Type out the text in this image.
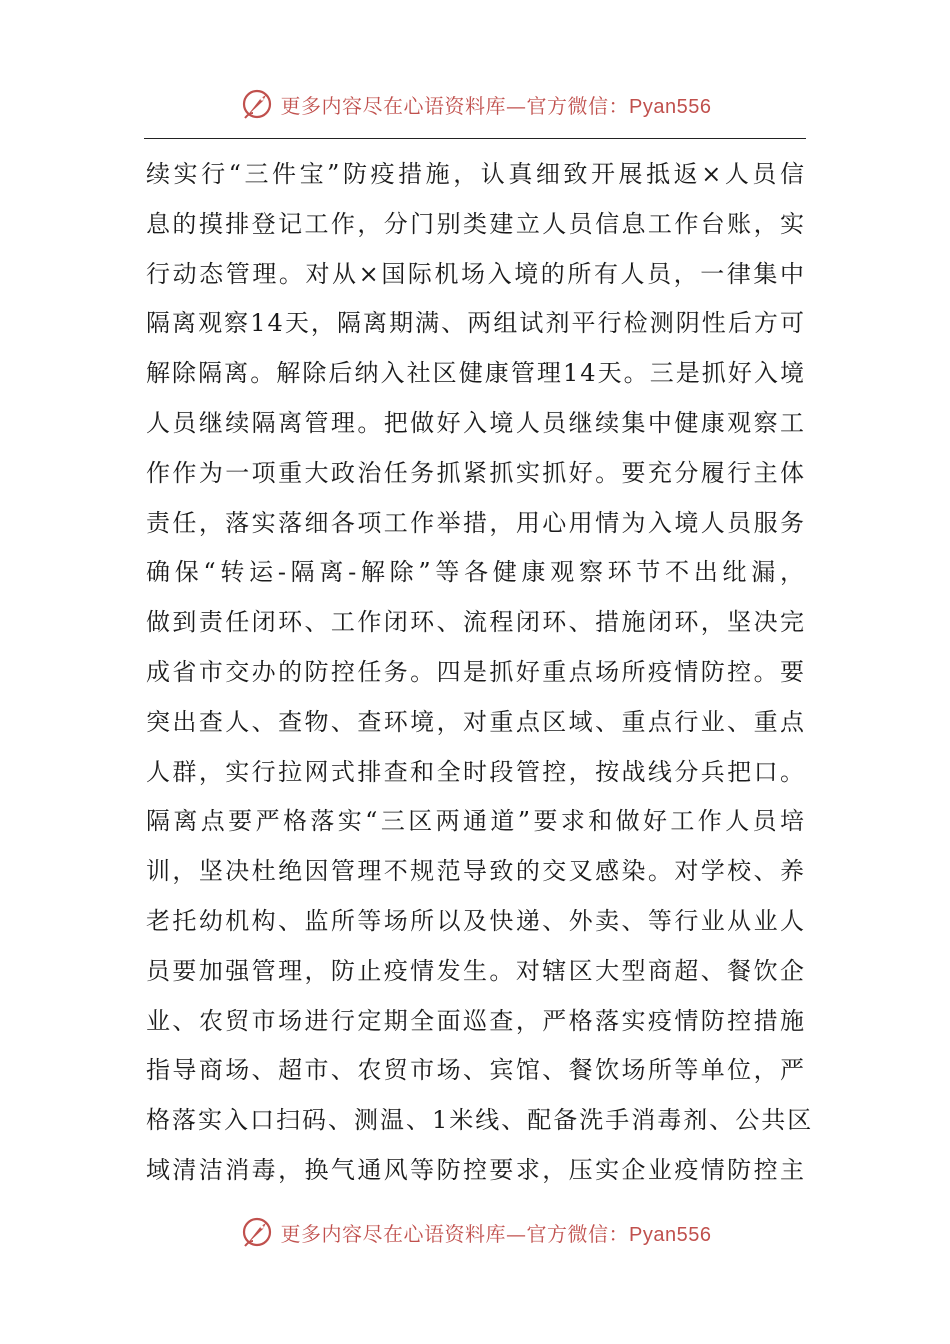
更多内容尽在心语资料库—官方微信：Pyan556
续实行“三件宝”防疫措施，认真细致开展抵返×人员信
息的摸排登记工作，分门别类建立人员信息工作台账，实
行动态管理。对从×国际机场入境的所有人员，一律集中
隔离观察14天，隔离期满、两组试剂平行检测阴性后方可
解除隔离。解除后纳入社区健康管理14天。三是抓好入境
人员继续隔离管理。把做好入境人员继续集中健康观察工
作作为一项重大政治任务抓紧抓实抓好。要充分履行主体
责任，落实落细各项工作举措，用心用情为入境人员服务
确保“转运-隔离-解除”等各健康观察环节不出纰漏，
做到责任闭环、工作闭环、流程闭环、措施闭环，坚决完
成省市交办的防控任务。四是抓好重点场所疫情防控。要
突出查人、查物、查环境，对重点区域、重点行业、重点
人群，实行拉网式排查和全时段管控，按战线分兵把口。
隔离点要严格落实“三区两通道”要求和做好工作人员培
训，坚决杜绝因管理不规范导致的交叉感染。对学校、养
老托幼机构、监所等场所以及快递、外卖、等行业从业人
员要加强管理，防止疫情发生。对辖区大型商超、餐饮企
业、农贸市场进行定期全面巡查，严格落实疫情防控措施
指导商场、超市、农贸市场、宾馆、餐饮场所等单位，严
格落实入口扫码、测温、1米线、配备洗手消毒剂、公共区
域清洁消毒，换气通风等防控要求，压实企业疫情防控主
更多内容尽在心语资料库—官方微信：Pyan556
